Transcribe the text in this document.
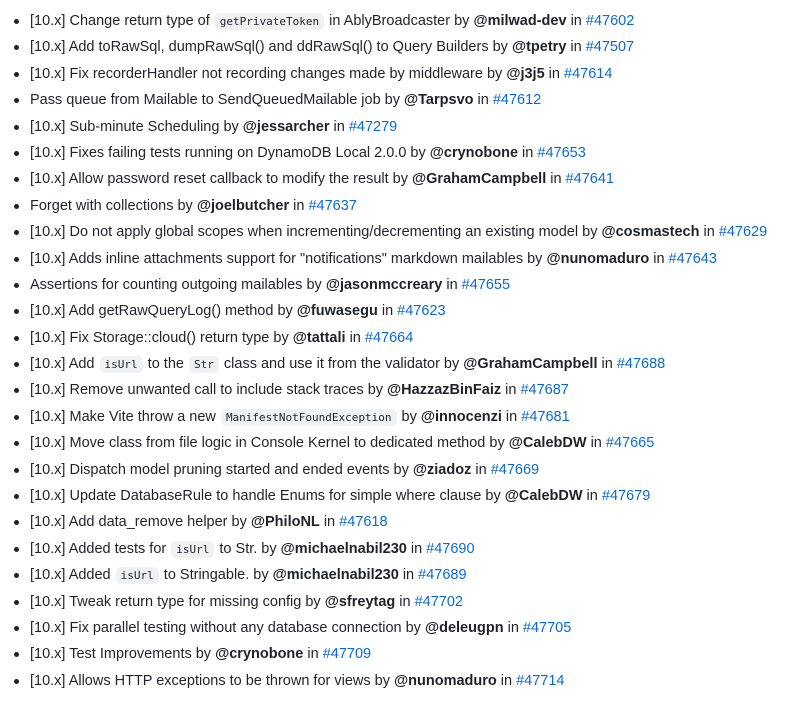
[10.x] Change return type of getPrivateToken in AblyBroadcaster by @milwad-dev in #47602
[10.x] Add toRawSql, dumpRawSql() and ddRawSql() to Query Builders by @tpetry in #47507
[10.x] Fix recorderHandler not recording changes made by middleware by @j3j5 in #47614
Pass queue from Mailable to SendQueuedMailable job by @Tarpsvo in #47612
[10.x] Sub-minute Scheduling by @jessarcher in #47279
[10.x] Fixes failing tests running on DynamoDB Local 2.0.0 by @crynobone in #47653
[10.x] Allow password reset callback to modify the result by @GrahamCampbell in #47641
Forget with collections by @joelbutcher in #47637
[10.x] Do not apply global scopes when incrementing/decrementing an existing model by @cosmastech in #47629
[10.x] Adds inline attachments support for "notifications" markdown mailables by @nunomaduro in #47643
Assertions for counting outgoing mailables by @jasonmccreary in #47655
[10.x] Add getRawQueryLog() method by @fuwasegu in #47623
[10.x] Fix Storage::cloud() return type by @tattali in #47664
[10.x] Add isUrl to the Str class and use it from the validator by @GrahamCampbell in #47688
[10.x] Remove unwanted call to include stack traces by @HazzazBinFaiz in #47687
[10.x] Make Vite throw a new ManifestNotFoundException by @innocenzi in #47681
[10.x] Move class from file logic in Console Kernel to dedicated method by @CalebDW in #47665
[10.x] Dispatch model pruning started and ended events by @ziadoz in #47669
[10.x] Update DatabaseRule to handle Enums for simple where clause by @CalebDW in #47679
[10.x] Add data_remove helper by @PhiloNL in #47618
[10.x] Added tests for isUrl to Str. by @michaelnabil230 in #47690
[10.x] Added isUrl to Stringable. by @michaelnabil230 in #47689
[10.x] Tweak return type for missing config by @sfreytag in #47702
[10.x] Fix parallel testing without any database connection by @deleugpn in #47705
[10.x] Test Improvements by @crynobone in #47709
[10.x] Allows HTTP exceptions to be thrown for views by @nunomaduro in #47714
